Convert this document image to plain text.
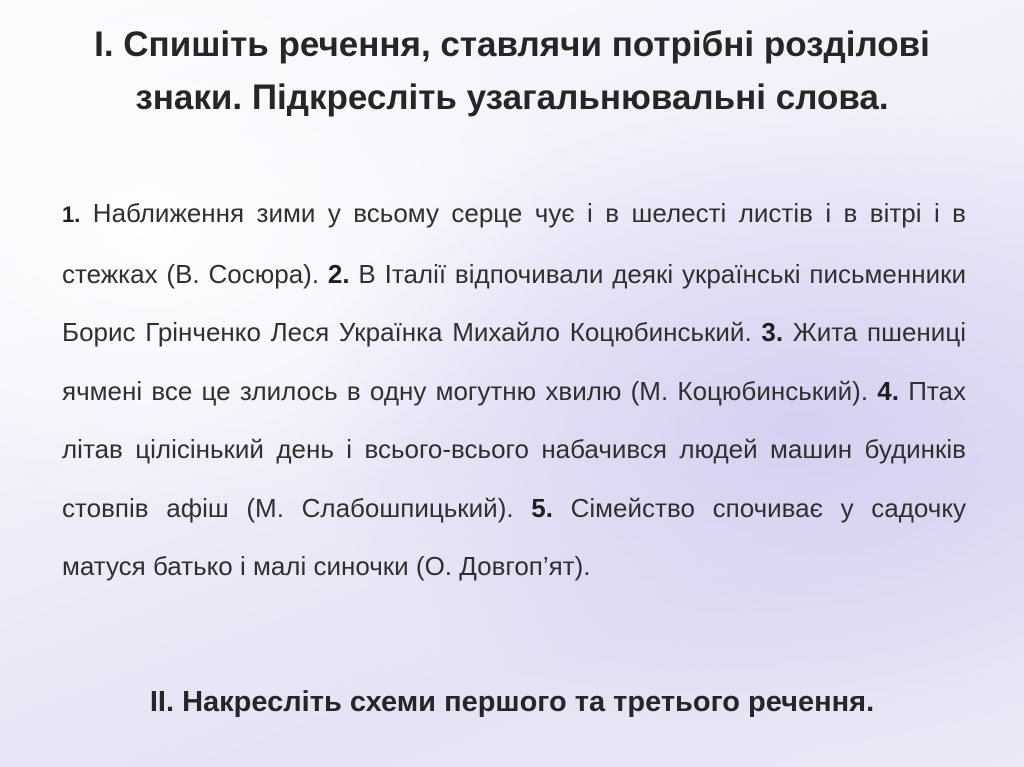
І. Спишіть речення, ставлячи потрібні розділові знаки. Підкресліть узагальнювальні слова.

1. Наближення зими у всьому серце чує і в шелесті листів і в вітрі і в стежках (В. Сосюра). 2. В Італії відпочивали деякі українські письменники Борис Грінченко Леся Українка Михайло Коцюбинський. 3. Жита пшениці ячмені все це злилось в одну могутню хвилю (М. Коцюбинський). 4. Птах літав цілісінький день і всього-всього набачився людей машин будинків стовпів афіш (М. Слабошпицький). 5. Сімейство спочиває у садочку матуся батько і малі синочки (О. Довгоп’ят).

ІІ. Накресліть схеми першого та третього речення.
